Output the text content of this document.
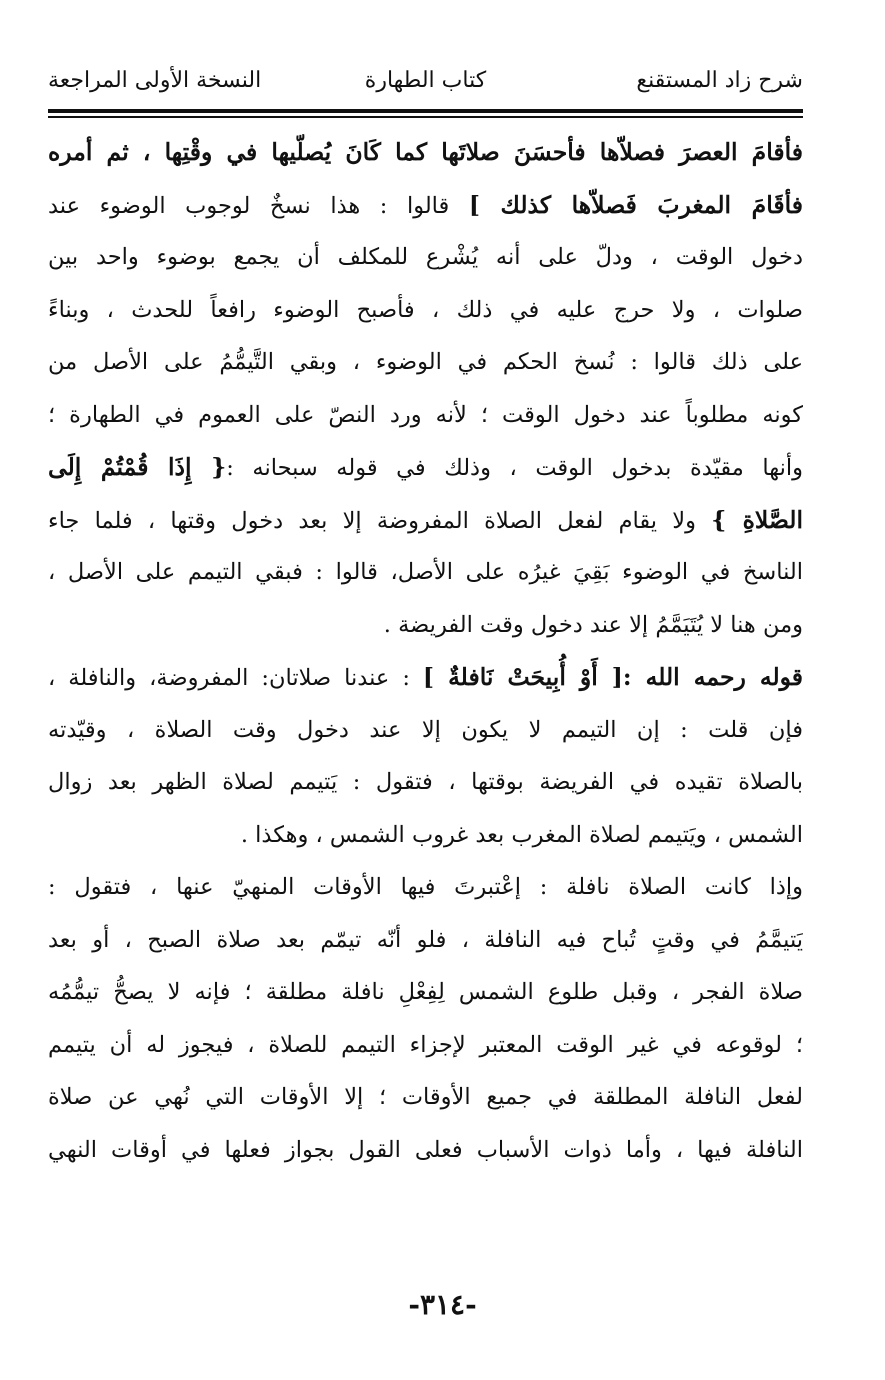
شرح زاد المستقنع
كتاب الطهارة
النسخة الأولى المراجعة
فأقامَ العصرَ فصلاّها فأحسَنَ صلاتَها كما كَانَ يُصلّيها في وقْتِها ، ثم أمره
فأقَامَ المغربَ فَصلاّها كذلك ] قالوا : هذا نسخٌ لوجوب الوضوء عند
دخول الوقت ، ودلّ على أنه يُشْرع للمكلف أن يجمع بوضوء واحد بين
صلوات ، ولا حرج عليه في ذلك ، فأصبح الوضوء رافعاً للحدث ، وبناءً
على ذلك قالوا : نُسخ الحكم في الوضوء ، وبقي التَّيمُّمُ على الأصل من
كونه مطلوباً عند دخول الوقت ؛ لأنه ورد النصّ على العموم في الطهارة ؛
وأنها مقيّدة بدخول الوقت ، وذلك في قوله سبحانه :{ إِذَا قُمْتُمْ إِلَى
الصَّلاةِ } ولا يقام لفعل الصلاة المفروضة إلا بعد دخول وقتها ، فلما جاء
الناسخ في الوضوء بَقِيَ غيرُه على الأصل، قالوا : فبقي التيمم على الأصل ،
ومن هنا لا يُتَيَمَّمُ إلا عند دخول وقت الفريضة .
قوله رحمه الله :[ أَوْ أُبِيحَتْ نَافلةٌ ] : عندنا صلاتان: المفروضة، والنافلة ،
فإن قلت : إن التيمم لا يكون إلا عند دخول وقت الصلاة ، وقيّدته
بالصلاة تقيده في الفريضة بوقتها ، فتقول : يَتيمم لصلاة الظهر بعد زوال
الشمس ، ويَتيمم لصلاة المغرب بعد غروب الشمس ، وهكذا .
وإذا كانت الصلاة نافلة : إعْتبرتَ فيها الأوقات المنهيّ عنها ، فتقول :
يَتيمَّمُ في وقتٍ تُباح فيه النافلة ، فلو أنّه تيمّم بعد صلاة الصبح ، أو بعد
صلاة الفجر ، وقبل طلوع الشمس لِفِعْلِ نافلة مطلقة ؛ فإنه لا يصحُّ تيمُّمُه
؛ لوقوعه في غير الوقت المعتبر لإجزاء التيمم للصلاة ، فيجوز له أن يتيمم
لفعل النافلة المطلقة في جميع الأوقات ؛ إلا الأوقات التي نُهي عن صلاة
النافلة فيها ، وأما ذوات الأسباب فعلى القول بجواز فعلها في أوقات النهي
-٣١٤-
